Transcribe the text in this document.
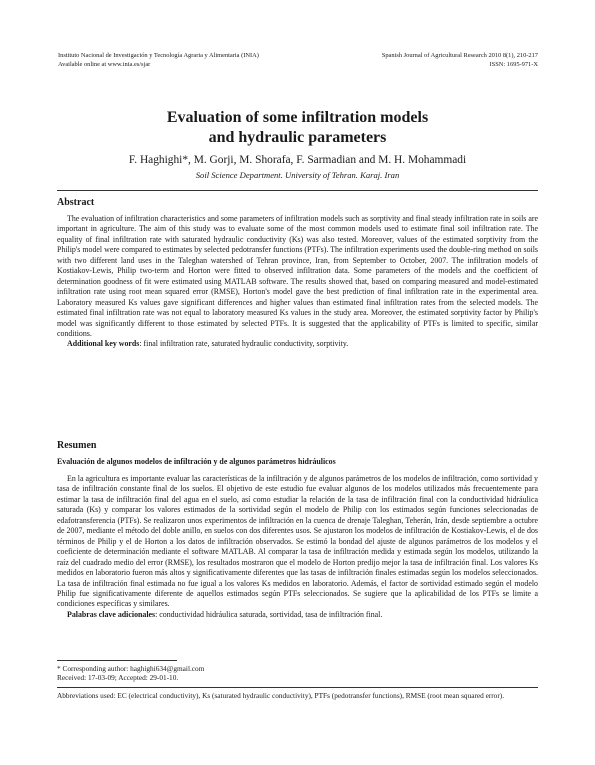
Instituto Nacional de Investigación y Tecnología Agraria y Alimentaria (INIA)
Available online at www.inia.es/sjar
Spanish Journal of Agricultural Research 2010 8(1), 210-217
ISSN: 1695-971-X
Evaluation of some infiltration models
and hydraulic parameters
F. Haghighi*, M. Gorji, M. Shorafa, F. Sarmadian and M. H. Mohammadi
Soil Science Department. University of Tehran. Karaj. Iran
Abstract

The evaluation of infiltration characteristics and some parameters of infiltration models such as sorptivity and final steady infiltration rate in soils are important in agriculture. The aim of this study was to evaluate some of the most common models used to estimate final soil infiltration rate. The equality of final infiltration rate with saturated hydraulic conductivity (Ks) was also tested. Moreover, values of the estimated sorptivity from the Philip's model were compared to estimates by selected pedotransfer functions (PTFs). The infiltration experiments used the double-ring method on soils with two different land uses in the Taleghan watershed of Tehran province, Iran, from September to October, 2007. The infiltration models of Kostiakov-Lewis, Philip two-term and Horton were fitted to observed infiltration data. Some parameters of the models and the coefficient of determination goodness of fit were estimated using MATLAB software. The results showed that, based on comparing measured and model-estimated infiltration rate using root mean squared error (RMSE), Horton's model gave the best prediction of final infiltration rate in the experimental area. Laboratory measured Ks values gave significant differences and higher values than estimated final infiltration rates from the selected models. The estimated final infiltration rate was not equal to laboratory measured Ks values in the study area. Moreover, the estimated sorptivity factor by Philip's model was significantly different to those estimated by selected PTFs. It is suggested that the applicability of PTFs is limited to specific, similar conditions.

Additional key words: final infiltration rate, saturated hydraulic conductivity, sorptivity.

Resumen
Evaluación de algunos modelos de infiltración y de algunos parámetros hidráulicos

En la agricultura es importante evaluar las características de la infiltración y de algunos parámetros de los modelos de infiltración, como sortividad y tasa de infiltración constante final de los suelos. El objetivo de este estudio fue evaluar algunos de los modelos utilizados más frecuentemente para estimar la tasa de infiltración final del agua en el suelo, así como estudiar la relación de la tasa de infiltración final con la conductividad hidráulica saturada (Ks) y comparar los valores estimados de la sortividad según el modelo de Philip con los estimados según funciones seleccionadas de edafotransferencia (PTFs). Se realizaron unos experimentos de infiltración en la cuenca de drenaje Taleghan, Teherán, Irán, desde septiembre a octubre de 2007, mediante el método del doble anillo, en suelos con dos diferentes usos. Se ajustaron los modelos de infiltración de Kostiakov-Lewis, el de dos términos de Philip y el de Horton a los datos de infiltración observados. Se estimó la bondad del ajuste de algunos parámetros de los modelos y el coeficiente de determinación mediante el software MATLAB. Al comparar la tasa de infiltración medida y estimada según los modelos, utilizando la raíz del cuadrado medio del error (RMSE), los resultados mostraron que el modelo de Horton predijo mejor la tasa de infiltración final. Los valores Ks medidos en laboratorio fueron más altos y significativamente diferentes que las tasas de infiltración finales estimadas según los modelos seleccionados. La tasa de infiltración final estimada no fue igual a los valores Ks medidos en laboratorio. Además, el factor de sortividad estimado según el modelo Philip fue significativamente diferente de aquellos estimados según PTFs seleccionados. Se sugiere que la aplicabilidad de los PTFs se limite a condiciones específicas y similares.

Palabras clave adicionales: conductividad hidráulica saturada, sortividad, tasa de infiltración final.

* Corresponding author: haghighi634@gmail.com

Received: 17-03-09; Accepted: 29-01-10.

Abbreviations used: EC (electrical conductivity), Ks (saturated hydraulic conductivity), PTFs (pedotransfer functions), RMSE (root mean squared error).
